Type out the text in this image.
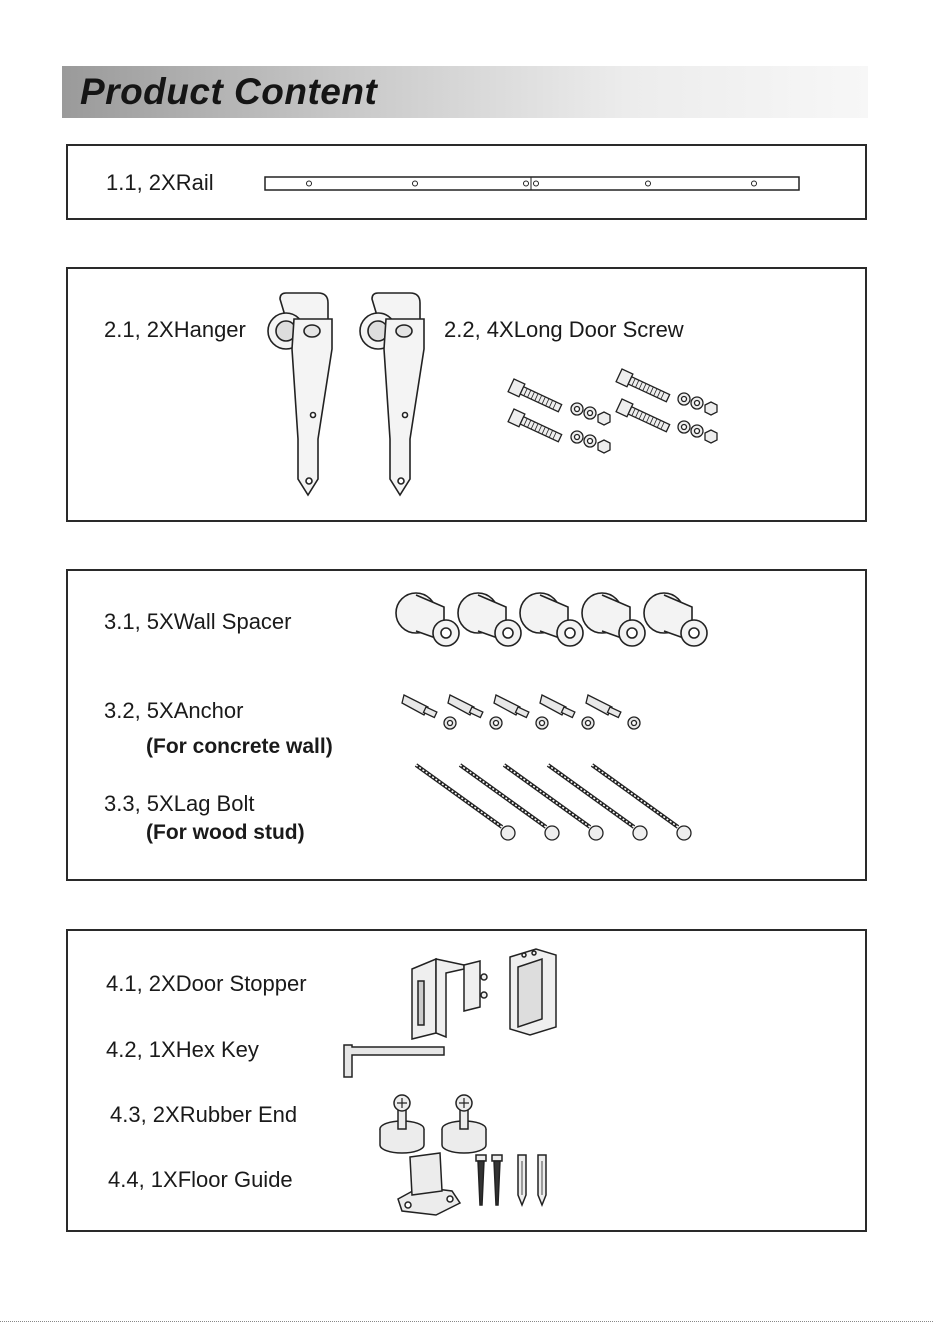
Product Content
1.1, 2XRail
2.1, 2XHanger	2.2, 4XLong Door Screw
3.1, 5XWall Spacer
3.2, 5XAnchor
(For concrete wall)
3.3, 5XLag Bolt
(For wood stud)
4.1, 2XDoor Stopper
4.2, 1XHex Key
4.3, 2XRubber End
4.4, 1XFloor Guide
